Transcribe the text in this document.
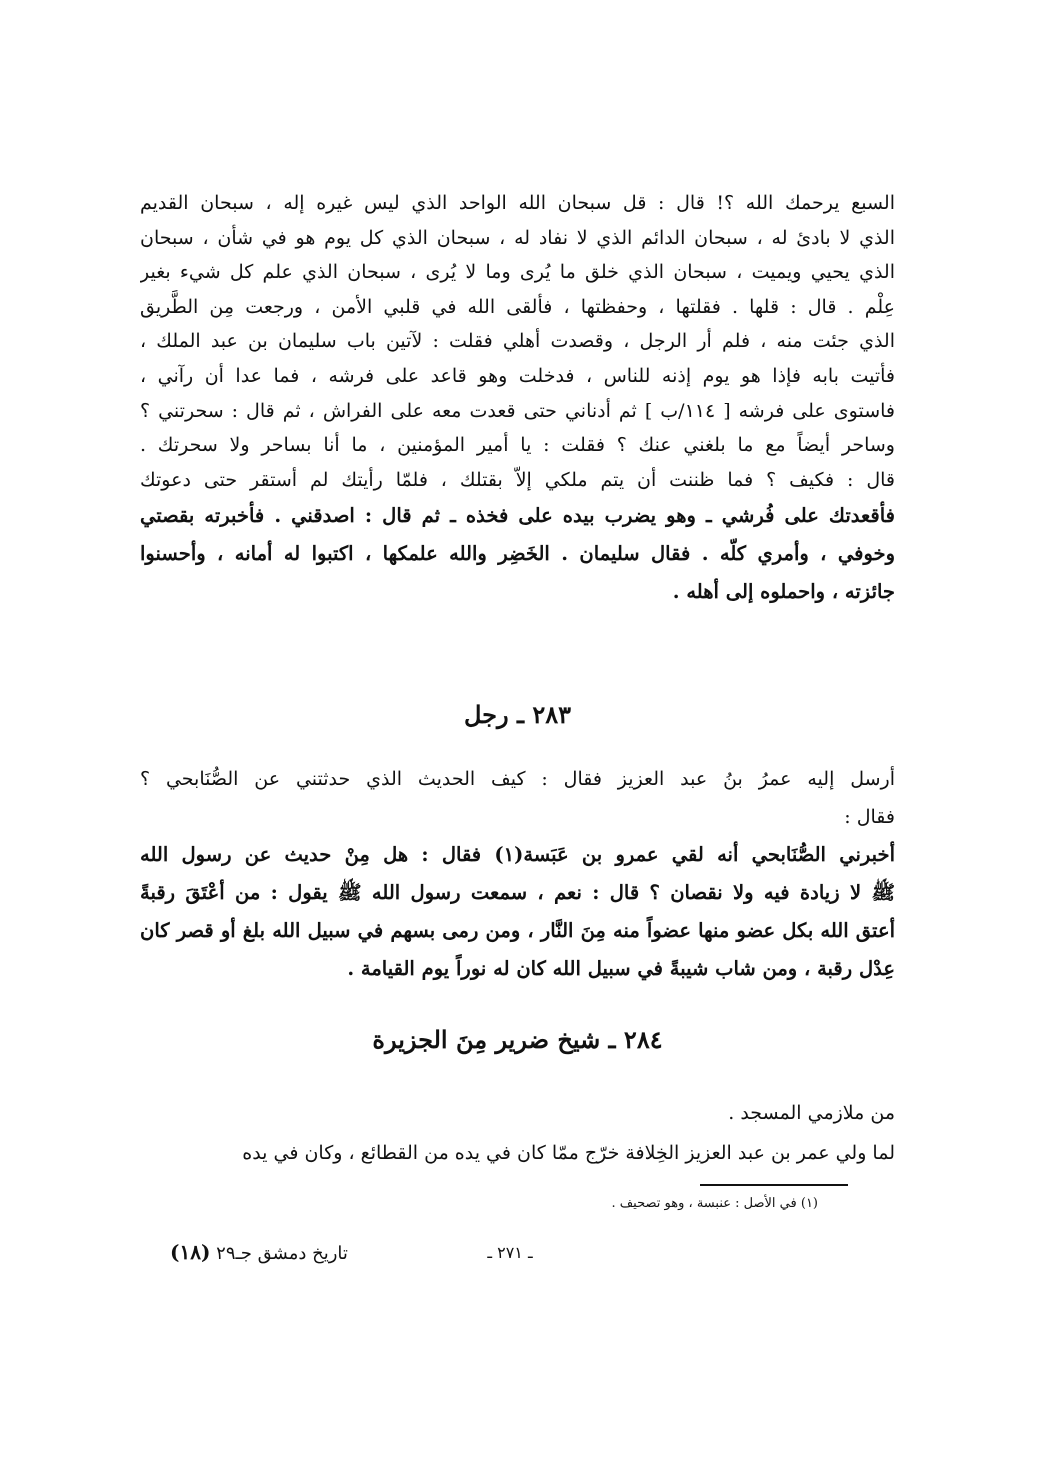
السبع يرحمك الله ؟! قال : قل سبحان الله الواحد الذي ليس غيره إله ، سبحان القديم
الذي لا بادئ له ، سبحان الدائم الذي لا نفاد له ، سبحان الذي كل يوم هو في شأن ، سبحان
الذي يحيي ويميت ، سبحان الذي خلق ما يُرى وما لا يُرى ، سبحان الذي علم كل شيء بغير
عِلْم . قال : قلها . فقلتها ، وحفظتها ، فألقى الله في قلبي الأمن ، ورجعت مِن الطَّريق
الذي جئت منه ، فلم أر الرجل ، وقصدت أهلي فقلت : لآتين باب سليمان بن عبد الملك ،
فأتيت بابه فإذا هو يوم إذنه للناس ، فدخلت وهو قاعد على فرشه ، فما عدا أن رآني ،
فاستوى على فرشه [ ١١٤/ب ] ثم أدناني حتى قعدت معه على الفراش ، ثم قال : سحرتني ؟
وساحر أيضاً مع ما بلغني عنك ؟ فقلت : يا أمير المؤمنين ، ما أنا بساحر ولا سحرتك .
قال : فكيف ؟ فما ظننت أن يتم ملكي إلاّ بقتلك ، فلمّا رأيتك لم أستقر حتى دعوتك
فأقعدتك على فُرشي ـ وهو يضرب بيده على فخذه ـ ثم قال : اصدقني . فأخبرته بقصتي
وخوفي ، وأمري كلّه . فقال سليمان . الخَضِر والله علمكها ، اكتبوا له أمانه ، وأحسنوا
جائزته ، واحملوه إلى أهله .
٢٨٣ ـ رجل
أرسل إليه عمرُ بنُ عبد العزيز فقال : كيف الحديث الذي حدثتني عن الصُّنَابحي ؟
فقال :
أخبرني الصُّنَابحي أنه لقي عمرو بن عَبَسة(١) فقال : هل مِنْ حديث عن رسول الله
ﷺ لا زيادة فيه ولا نقصان ؟ قال : نعم ، سمعت رسول الله ﷺ يقول : من أعْتَقَ رقبةً
أعتق الله بكل عضو منها عضواً منه مِنَ النَّار ، ومن رمى بسهم في سبيل الله بلغ أو قصر كان
عِدْل رقبة ، ومن شاب شيبةً في سبيل الله كان له نوراً يوم القيامة .
٢٨٤ ـ شيخ ضرير مِنَ الجزيرة
من ملازمي المسجد .
لما ولي عمر بن عبد العزيز الخِلافة خرّج ممّا كان في يده من القطائع ، وكان في يده
(١) في الأصل : عنبسة ، وهو تصحيف .
تاريخ دمشق جـ٢٩ (١٨)	ـ ٢٧١ ـ
